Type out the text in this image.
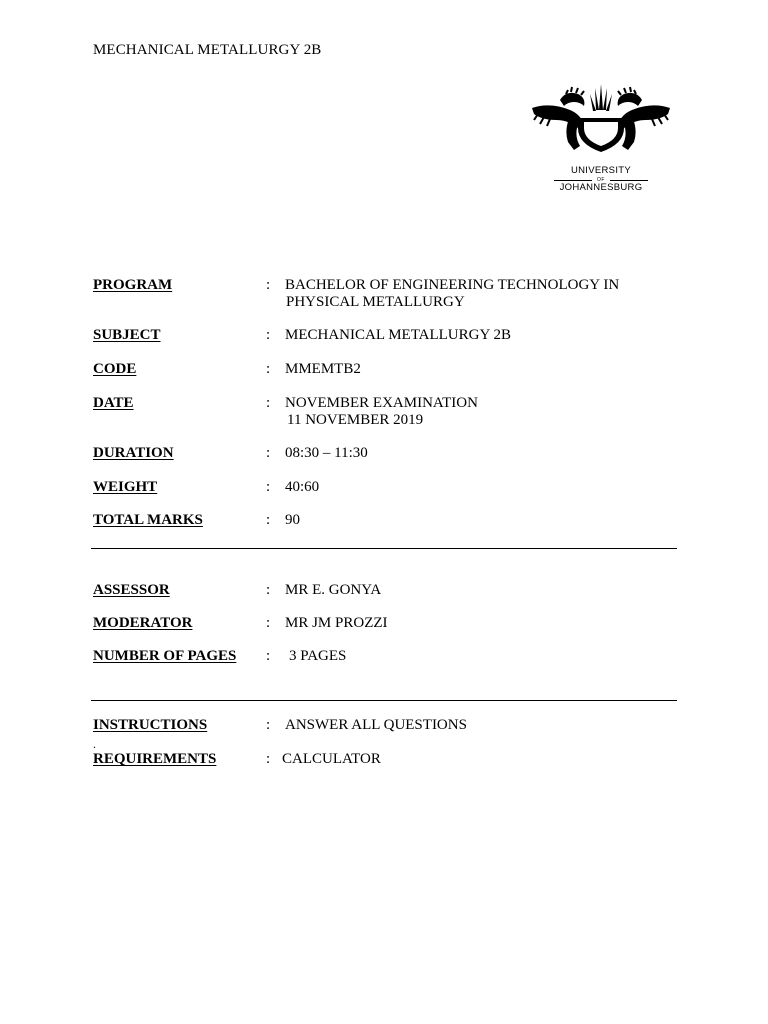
MECHANICAL METALLURGY 2B
UNIVERSITY
OF
JOHANNESBURG
PROGRAM	: BACHELOR OF ENGINEERING TECHNOLOGY IN
PHYSICAL METALLURGY
SUBJECT	: MECHANICAL METALLURGY 2B
CODE	: MMEMTB2
DATE	: NOVEMBER EXAMINATION
11 NOVEMBER 2019
DURATION	: 08:30 – 11:30
WEIGHT	: 40:60
TOTAL MARKS	: 90
ASSESSOR	: MR E. GONYA
MODERATOR	: MR JM PROZZI
NUMBER OF PAGES : 3 PAGES
INSTRUCTIONS	: ANSWER ALL QUESTIONS
.
REQUIREMENTS	: CALCULATOR
